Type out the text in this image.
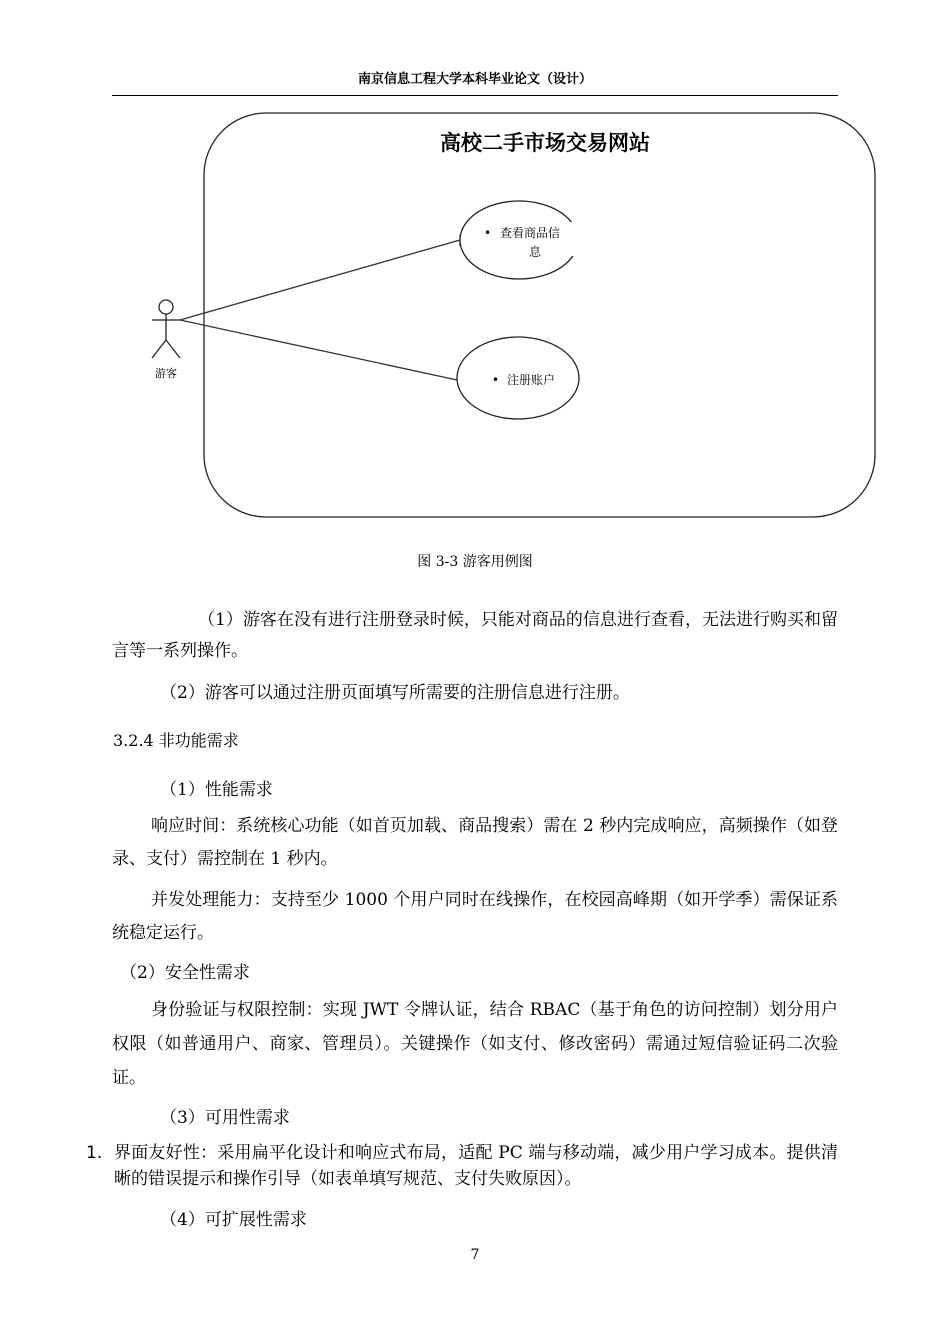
南京信息工程大学本科毕业论文（设计）
高校二手市场交易网站
游客
• 查看商品信
息
• 注册账户
图 3-3 游客用例图

（1）游客在没有进行注册登录时候，只能对商品的信息进行查看，无法进行购买和留言等一系列操作。

（2）游客可以通过注册页面填写所需要的注册信息进行注册。

3.2.4 非功能需求

（1）性能需求

响应时间：系统核心功能（如首页加载、商品搜索）需在 2 秒内完成响应，高频操作（如登录、支付）需控制在 1 秒内。

并发处理能力：支持至少 1000 个用户同时在线操作，在校园高峰期（如开学季）需保证系统稳定运行。

（2）安全性需求

身份验证与权限控制：实现 JWT 令牌认证，结合 RBAC（基于角色的访问控制）划分用户权限（如普通用户、商家、管理员）。关键操作（如支付、修改密码）需通过短信验证码二次验证。

（3）可用性需求

1. 界面友好性：采用扁平化设计和响应式布局，适配 PC 端与移动端，减少用户学习成本。提供清晰的错误提示和操作引导（如表单填写规范、支付失败原因）。

（4）可扩展性需求

7
